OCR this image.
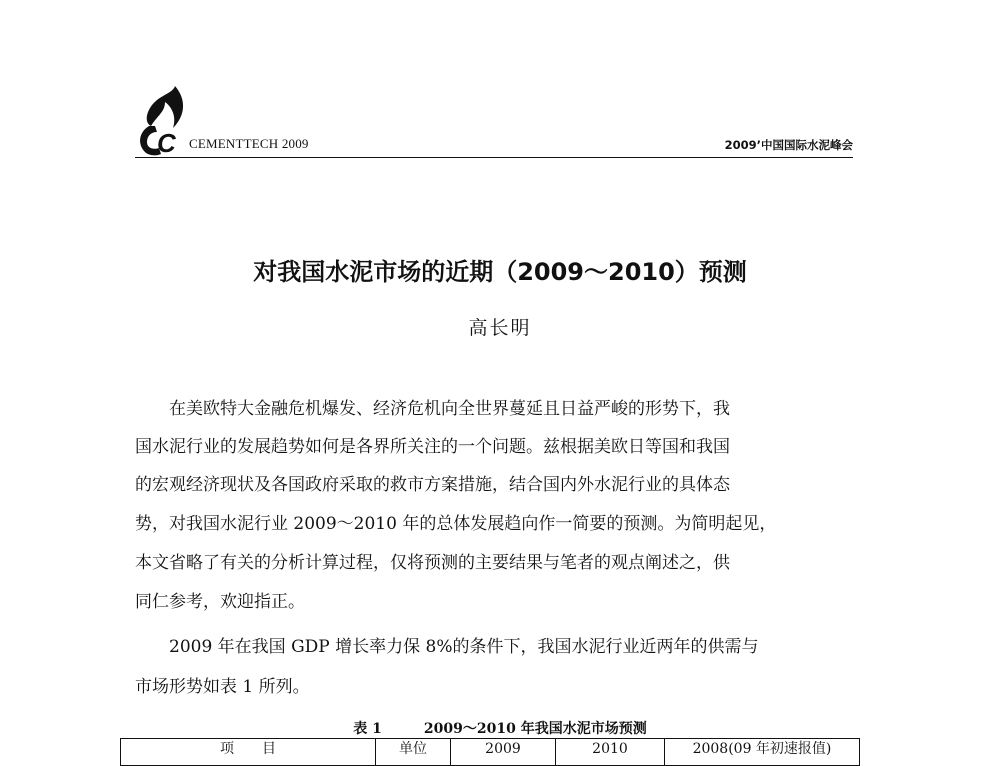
C CEMENTTECH 2009	2009’中国国际水泥峰会
对我国水泥市场的近期（2009～2010）预测
高长明
　　在美欧特大金融危机爆发、经济危机向全世界蔓延且日益严峻的形势下，我
国水泥行业的发展趋势如何是各界所关注的一个问题。兹根据美欧日等国和我国
的宏观经济现状及各国政府采取的救市方案措施，结合国内外水泥行业的具体态
势，对我国水泥行业 2009～2010 年的总体发展趋向作一简要的预测。为简明起见，
本文省略了有关的分析计算过程，仅将预测的主要结果与笔者的观点阐述之，供
同仁参考，欢迎指正。
　　2009 年在我国 GDP 增长率力保 8%的条件下，我国水泥行业近两年的供需与
市场形势如表 1 所列。
表 1	2009～2010 年我国水泥市场预测
项　　目	单位	2009	2010	2008(09 年初速报值)
